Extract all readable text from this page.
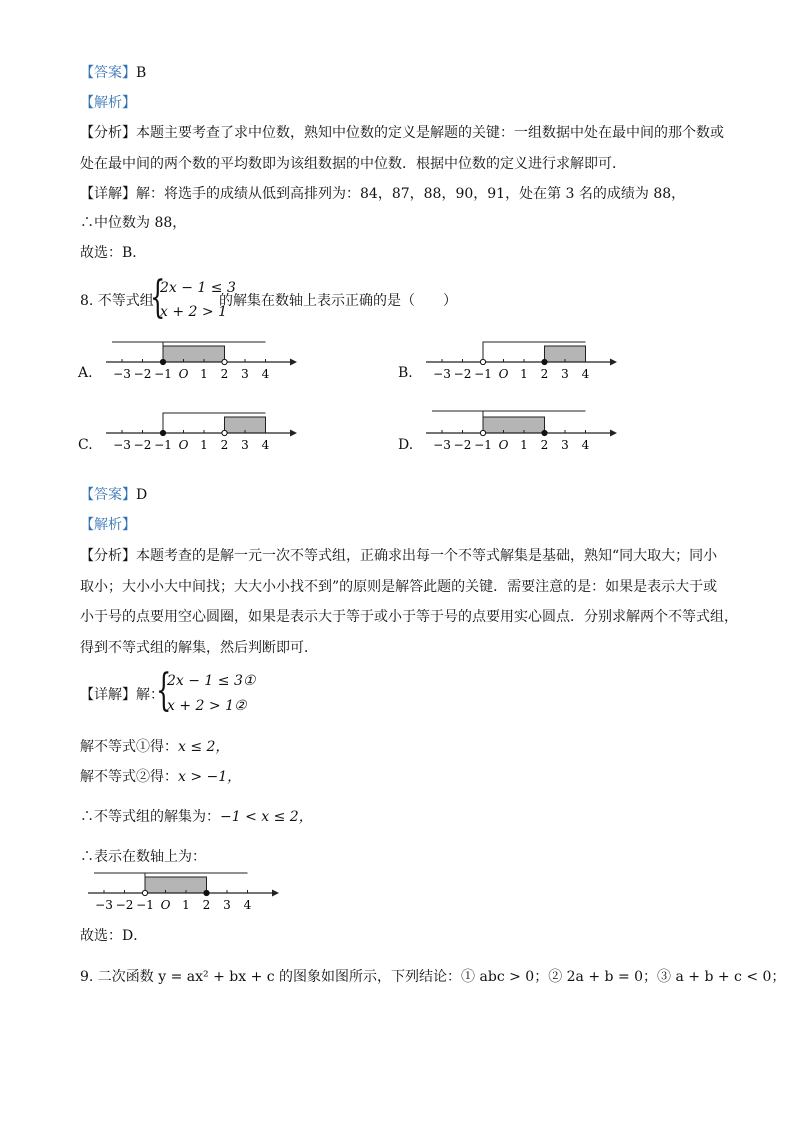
【答案】B
【解析】
【分析】本题主要考查了求中位数，熟知中位数的定义是解题的关键：一组数据中处在最中间的那个数或
处在最中间的两个数的平均数即为该组数据的中位数．根据中位数的定义进行求解即可．
【详解】解：将选手的成绩从低到高排列为：84，87，88，90，91，处在第 3 名的成绩为 88，
∴中位数为 88，
故选：B．
8. 不等式组
{
2x − 1 ≤ 3
x + 2 > 1
的解集在数轴上表示正确的是（　　）
A.	B.
C.	D.
−3 −2 −1 O 1 2 3 4	−3 −2 −1 O 1 2 3 4
−3 −2 −1 O 1 2 3 4	−3 −2 −1 O 1 2 3 4
【答案】D
【解析】
【分析】本题考查的是解一元一次不等式组，正确求出每一个不等式解集是基础，熟知“同大取大；同小
取小；大小小大中间找；大大小小找不到”的原则是解答此题的关键．需要注意的是：如果是表示大于或
小于号的点要用空心圆圈，如果是表示大于等于或小于等于号的点要用实心圆点．分别求解两个不等式组，
得到不等式组的解集，然后判断即可．
【详解】解：
{
2x − 1 ≤ 3①
x + 2 > 1②
解不等式①得：x ≤ 2，
解不等式②得：x > −1，
∴不等式组的解集为：−1 < x ≤ 2，
∴表示在数轴上为：
−3 −2 −1 O 1 2 3 4
故选：D．
9. 二次函数 y = ax² + bx + c 的图象如图所示，下列结论：① abc > 0；② 2a + b = 0；③ a + b + c < 0；
